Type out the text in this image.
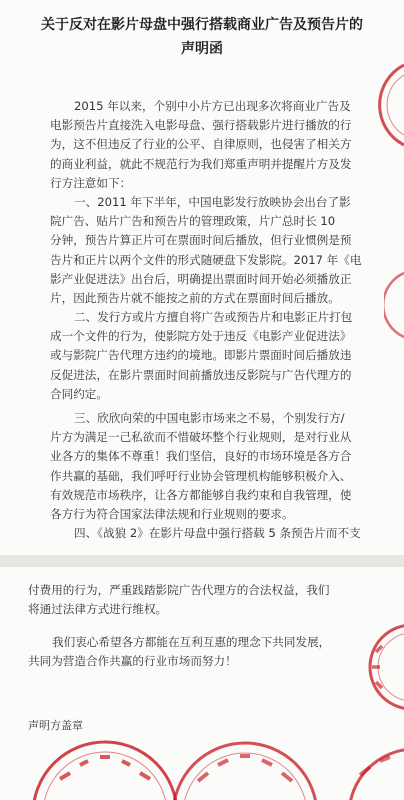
关于反对在影片母盘中强行搭载商业广告及预告片的
声明函

2015 年以来，个别中小片方已出现多次将商业广告及
电影预告片直接洗入电影母盘、强行搭载影片进行播放的行
为，这不但违反了行业的公平、自律原则，也侵害了相关方
的商业利益，就此不规范行为我们郑重声明并提醒片方及发
行方注意如下：

一、2011 年下半年，中国电影发行放映协会出台了影
院广告、贴片广告和预告片的管理政策，片广总时长 10
分钟，预告片算正片可在票面时间后播放，但行业惯例是预
告片和正片以两个文件的形式随硬盘下发影院。2017 年《电
影产业促进法》出台后，明确提出票面时间开始必须播放正
片，因此预告片就不能按之前的方式在票面时间后播放。

二、发行方或片方擅自将广告或预告片和电影正片打包
成一个文件的行为，使影院方处于违反《电影产业促进法》
或与影院广告代理方违约的境地。即影片票面时间后播放违
反促进法，在影片票面时间前播放违反影院与广告代理方的
合同约定。

三、欣欣向荣的中国电影市场来之不易，个别发行方/
片方为满足一己私欲而不惜破坏整个行业规则，是对行业从
业各方的集体不尊重！我们坚信，良好的市场环境是各方合
作共赢的基础，我们呼吁行业协会管理机构能够积极介入、
有效规范市场秩序，让各方都能够自我约束和自我管理，使
各方行为符合国家法律法规和行业规则的要求。

四、《战狼 2》在影片母盘中强行搭载 5 条预告片而不支

付费用的行为，严重践踏影院广告代理方的合法权益，我们
将通过法律方式进行维权。

我们衷心希望各方都能在互利互惠的理念下共同发展，
共同为营造合作共赢的行业市场而努力！

声明方盖章
